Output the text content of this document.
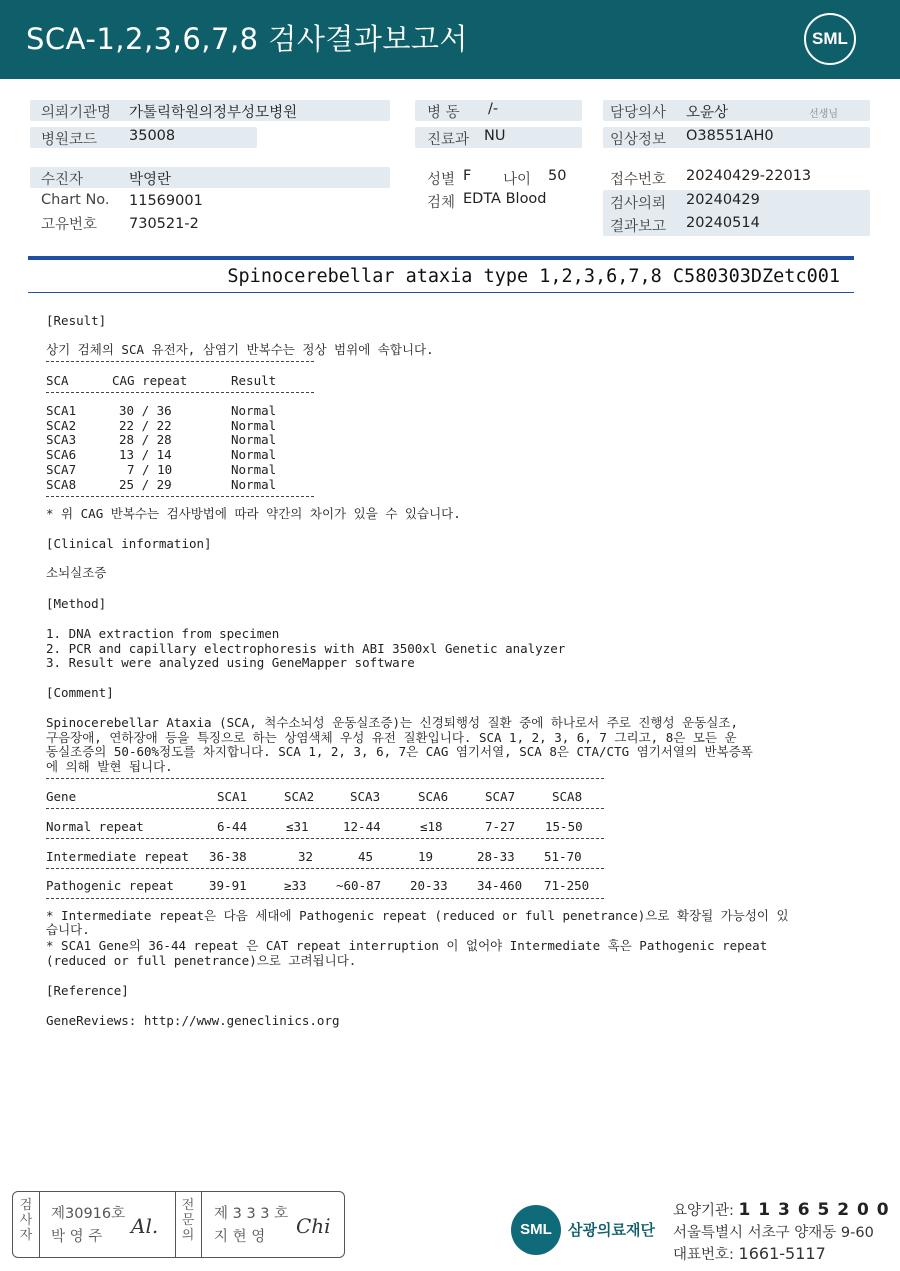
SCA-1,2,3,6,7,8 검사결과보고서	SML
의뢰기관명 가톨릭학원의정부성모병원
병원코드 35008
수진자	박영란
Chart No. 11569001
고유번호 730521-2
병 동 /-
진료과 NU
성별 F 나이 50
검체 EDTA Blood
담당의사 오윤상	선생님
임상정보 O38551AH0
접수번호 20240429-22013
검사의뢰 20240429
결과보고 20240514
Spinocerebellar ataxia type 1,2,3,6,7,8 C580303DZetc001
[Result]
상기 검체의 SCA 유전자, 삼염기 반복수는 정상 범위에 속합니다.
SCA	CAG repeat	Result
SCA1	30 / 36	Normal
SCA2	22 / 22	Normal
SCA3	28 / 28	Normal
SCA6	13 / 14	Normal
SCA7	7 / 10	Normal
SCA8	25 / 29	Normal
* 위 CAG 반복수는 검사방법에 따라 약간의 차이가 있을 수 있습니다.
[Clinical information]
소뇌실조증
[Method]
1. DNA extraction from specimen
2. PCR and capillary electrophoresis with ABI 3500xl Genetic analyzer
3. Result were analyzed using GeneMapper software
[Comment]
Spinocerebellar Ataxia (SCA, 척수소뇌성 운동실조증)는 신경퇴행성 질환 중에 하나로서 주로 진행성 운동실조,
구음장애, 연하장애 등을 특징으로 하는 상염색체 우성 유전 질환입니다. SCA 1, 2, 3, 6, 7 그리고, 8은 모든 운
동실조증의 50-60%정도를 차지합니다. SCA 1, 2, 3, 6, 7은 CAG 염기서열, SCA 8은 CTA/CTG 염기서열의 반복증폭
에 의해 발현 됩니다.
Gene	SCA1	SCA2	SCA3	SCA6	SCA7	SCA8
Normal repeat	6-44	≤31	12-44	≤18	7-27 15-50
Intermediate repeat 36-38	32	45	19	28-33 51-70
Pathogenic repeat	39-91	≥33 ~60-87 20-33 34-460 71-250
* Intermediate repeat은 다음 세대에 Pathogenic repeat (reduced or full penetrance)으로 확장될 가능성이 있
습니다.
* SCA1 Gene의 36-44 repeat 은 CAT repeat interruption 이 없어야 Intermediate 혹은 Pathogenic repeat
(reduced or full penetrance)으로 고려됩니다.
[Reference]
GeneReviews: http://www.geneclinics.org
검
사
자
제30916호
박 영 주 Al.
전
문
의
제 3 3 3 호
지 현 영 Chi	SML	삼광의료재단
요양기관: 1 1 3 6 5 2 0 0
서울특별시 서초구 양재동 9-60
대표번호: 1661-5117
